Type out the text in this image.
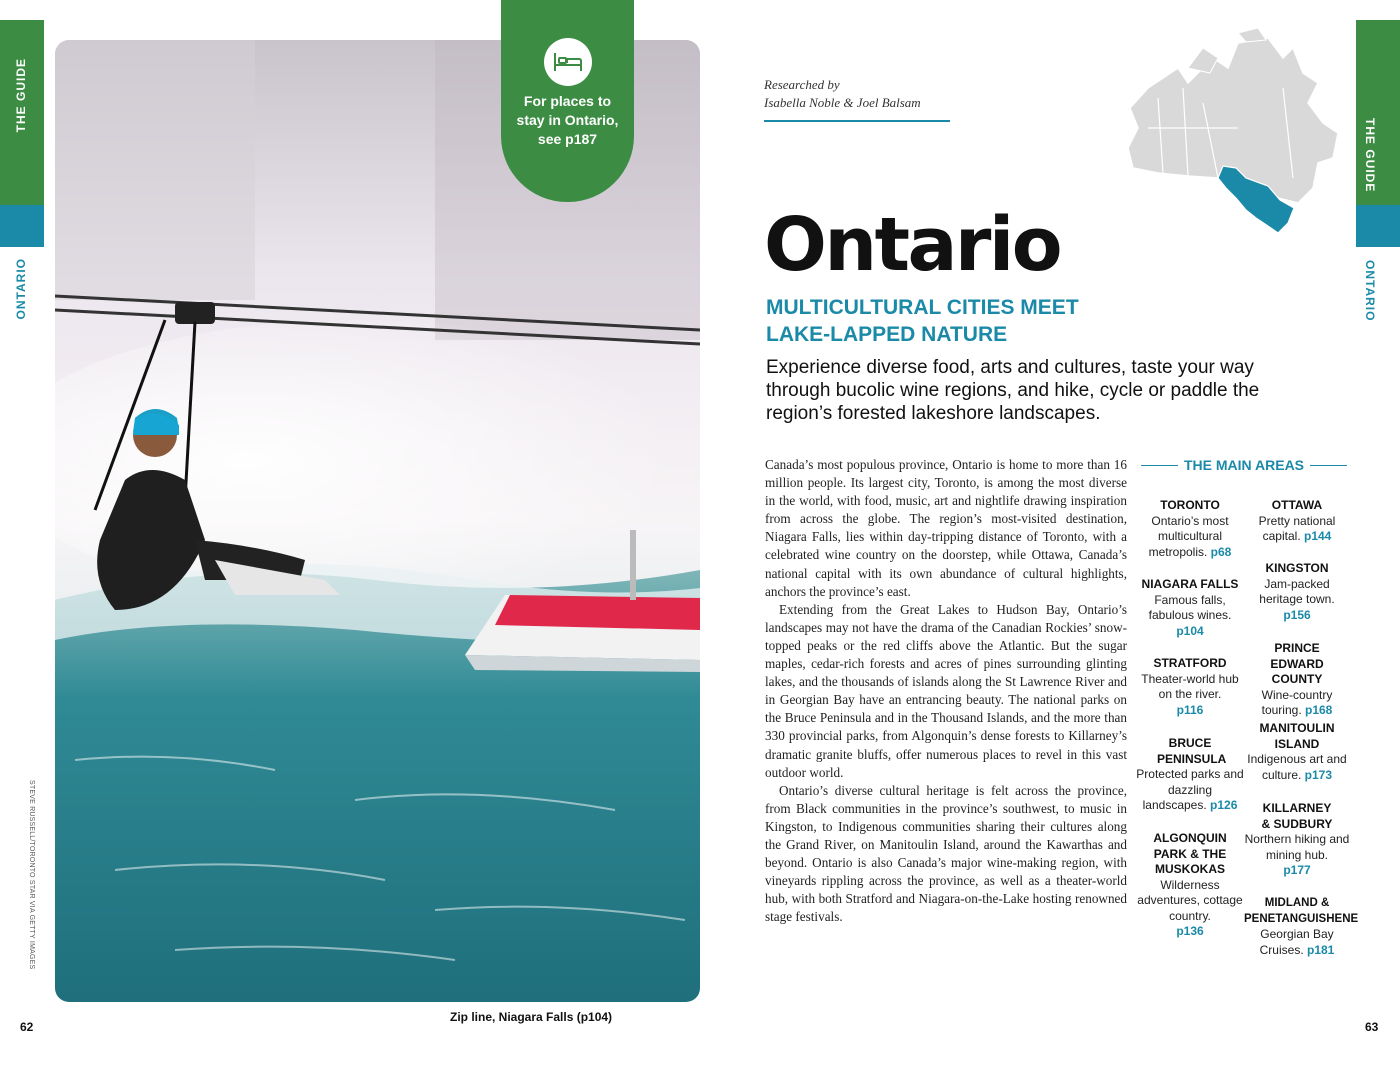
THE GUIDE
ONTARIO
THE GUIDE
ONTARIO
For places to
stay in Ontario,
see p187
STEVE RUSSELL/TORONTO STAR VIA GETTY IMAGES
Zip line, Niagara Falls (p104)
62	63
Researched by
Isabella Noble & Joel Balsam
Ontario
MULTICULTURAL CITIES MEET
LAKE-LAPPED NATURE
Experience diverse food, arts and cultures, taste your way through bucolic wine regions, and hike, cycle or paddle the region’s forested lakeshore landscapes.

Canada’s most populous province, Ontario is home to more than 16 million people. Its largest city, Toronto, is among the most diverse in the world, with food, music, art and nightlife drawing inspiration from across the globe. The region’s most-visited destination, Niagara Falls, lies within day-tripping distance of Toronto, with a celebrated wine country on the doorstep, while Ottawa, Canada’s national capital with its own abundance of cultural highlights, anchors the province’s east.

Extending from the Great Lakes to Hudson Bay, Ontario’s landscapes may not have the drama of the Canadian Rockies’ snow-topped peaks or the red cliffs above the Atlantic. But the sugar maples, cedar-rich forests and acres of pines surrounding glinting lakes, and the thousands of islands along the St Lawrence River and in Georgian Bay have an entrancing beauty. The national parks on the Bruce Peninsula and in the Thousand Islands, and the more than 330 provincial parks, from Algonquin’s dense forests to Killarney’s dramatic granite bluffs, offer numerous places to revel in this vast outdoor world.

Ontario’s diverse cultural heritage is felt across the province, from Black communities in the province’s southwest, to music in Kingston, to Indigenous communities sharing their cultures along the Grand River, on Manitoulin Island, around the Kawarthas and beyond. Ontario is also Canada’s major wine-making region, with vineyards rippling across the province, as well as a theater-world hub, with both Stratford and Niagara-on-the-Lake hosting renowned stage festivals.

THE MAIN AREAS
TORONTO
Ontario’s most multicultural metropolis. p68
NIAGARA FALLS
Famous falls, fabulous wines.
p104
STRATFORD
Theater-world hub on the river.
p116
BRUCE PENINSULA
Protected parks and dazzling landscapes. p126
ALGONQUIN PARK & THE MUSKOKAS
Wilderness adventures, cottage country.
p136
OTTAWA
Pretty national capital. p144
KINGSTON
Jam-packed heritage town.
p156
PRINCE EDWARD COUNTY
Wine-country touring. p168
MANITOULIN ISLAND
Indigenous art and culture. p173
KILLARNEY & SUDBURY
Northern hiking and mining hub.
p177
MIDLAND & PENETANGUISHENE
Georgian Bay Cruises. p181
